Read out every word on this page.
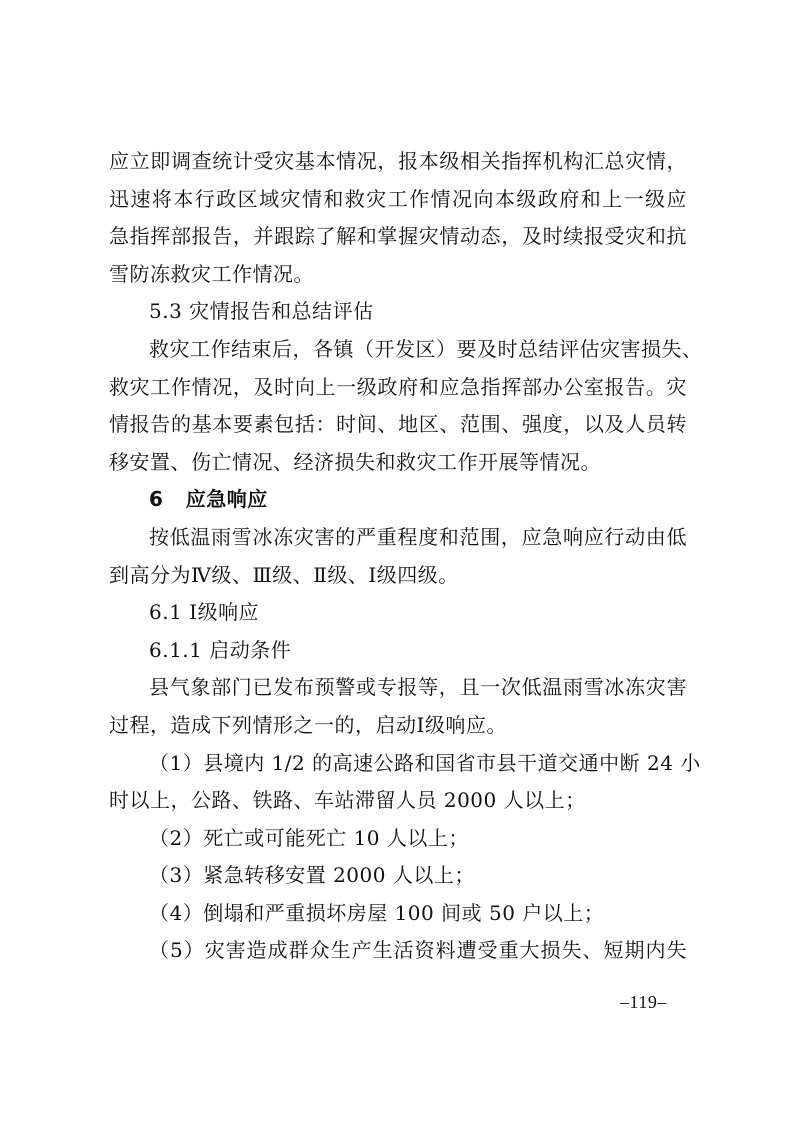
应立即调查统计受灾基本情况，报本级相关指挥机构汇总灾情，
迅速将本行政区域灾情和救灾工作情况向本级政府和上一级应
急指挥部报告，并跟踪了解和掌握灾情动态，及时续报受灾和抗
雪防冻救灾工作情况。
5.3 灾情报告和总结评估
救灾工作结束后，各镇（开发区）要及时总结评估灾害损失、
救灾工作情况，及时向上一级政府和应急指挥部办公室报告。灾
情报告的基本要素包括：时间、地区、范围、强度，以及人员转
移安置、伤亡情况、经济损失和救灾工作开展等情况。
6   应急响应
按低温雨雪冰冻灾害的严重程度和范围，应急响应行动由低
到高分为Ⅳ级、Ⅲ级、Ⅱ级、Ⅰ级四级。
6.1 Ⅰ级响应
6.1.1 启动条件
县气象部门已发布预警或专报等，且一次低温雨雪冰冻灾害
过程，造成下列情形之一的，启动Ⅰ级响应。
（1）县境内 1/2 的高速公路和国省市县干道交通中断 24 小
时以上，公路、铁路、车站滞留人员 2000 人以上；
（2）死亡或可能死亡 10 人以上；
（3）紧急转移安置 2000 人以上；
（4）倒塌和严重损坏房屋 100 间或 50 户以上；
（5）灾害造成群众生产生活资料遭受重大损失、短期内失
–119–
